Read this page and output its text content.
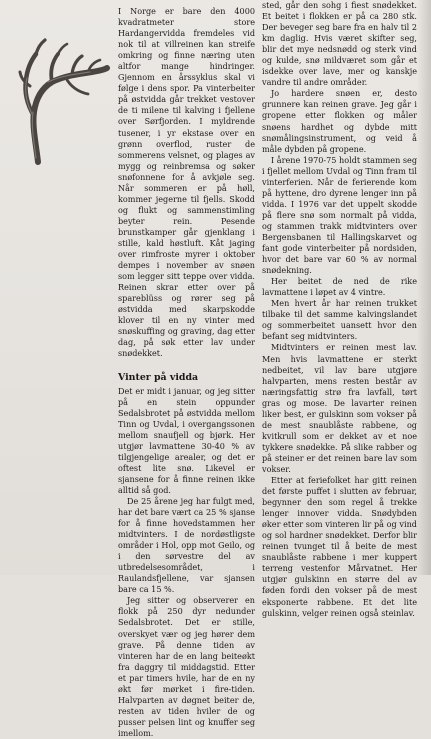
I Norge er bare den 4000 kvadratmeter store Hardangervidda fremdeles vid nok til at villreinen kan streife omkring og finne næring uten altfor mange hindringer. Gjennom en årssyklus skal vi følge i dens spor. Pa vinterbeiter på østvidda går trekket vestover de ti milene til kalving i fjellene over Sørfjorden. I myldrende tusener, i yr ekstase over en grønn overflod, ruster de sommerens velsnet, og plages av mygg og reinbremsa og søker snøfonnene for å avkjøle seg. Når sommeren er på høll, kommer jegerne til fjells. Skodd og flukt og sammenstimling beyter rein. Pesende brunstkamper går gjenklang i stille, kald høstluft. Kåt jaging over rimfroste myrer i oktober dempes i november av snøen som legger sitt teppe over vidda. Reinen skrar etter over på spareblüss og rører seg på østvidda med skarpskodde klover til en ny vinter med snøskuffing og graving, dag etter dag, på søk etter lav under snødekket.

Vinter på vidda

Det er midt i januar, og jeg sitter på en stein oppunder Sedalsbrotet på østvidda mellom Tinn og Uvdal, i overgangssonen mellom snaufjell og bjørk. Her utgjør lavmattene 30-40 % av tilgjengelige arealer, og det er oftest lite snø. Likevel er sjansene for å finne reinen ikke alltid så god.

De 25 årene jeg har fulgt med, har det bare vært ca 25 % sjanse for å finne hovedstammen her midtvinters. I de nordøstligste områder i Hol, opp mot Geilo, og i den sørvestre del av utbredelsesområdet, i Raulandsfjellene, var sjansen bare ca 15 %.

Jeg sitter og observerer en flokk på 250 dyr nedunder Sedalsbrotet. Det er stille, overskyet vær og jeg hører dem grave. På denne tiden av vinteren har de en lang beiteøkt fra daggry til middagstid. Etter et par timers hvile, har de en ny økt før mørket i fire-tiden. Halvparten av døgnet beiter de, resten av tiden hviler de og pusser pelsen lint og knuffer seg imellom.

sted, går den sohg i fiest snødekket. Et beitet i flokken er på ca 280 stk. Der beveger seg bare fra en halv til 2 km daglig. Hvis været skifter seg, blir det mye nedsnødd og sterk vind og kulde, snø mildværet som går et isdekke over lave, mer og kanskje vandre til andre områder.

Jo hardere snøen er, desto grunnere kan reinen grave. Jeg går i gropene etter flokken og måler snøens hardhet og dybde mitt snømålingsinstrument, og veid å måle dybden på gropene.

I årene 1970-75 holdt stammen seg i fjellet mellom Uvdal og Tinn fram til vinterferien. Når de ferierende kom på hyttene, dro dyrene lenger inn på vidda. I 1976 var det uppelt skodde på flere snø som normalt på vidda, og stammen trakk midtvinters over Bergensbanen til Hallingskarvet og fant gode vinterbeiter på nordsiden, hvor det bare var 60 % av normal snødekning.

Her beitet de ned de rike lavmattene i løpet av 4 vintre.

Men hvert år har reinen trukket tilbake til det samme kalvingslandet og sommerbeitet uansett hvor den befant seg midtvinters.

Midtvinters er reinen mest lav. Men hvis lavmattene er sterkt nedbeitet, vil lav bare utgjøre halvparten, mens resten består av næringsfattig strø fra lavfall, tørt gras og mose. De lavarter reinen liker best, er gulskinn som vokser på de mest snaublåste rabbene, og kvitkrull som er dekket av et noe tykkere snødekke. På slike rabber og på steiner er det reinen bare lav som vokser.

Etter at feriefolket har gitt reinen det første puffet i slutten av februar, begynner den som regel å trekke lenger innover vidda. Snødybden øker etter som vinteren lir på og vind og sol hardner snødekket. Derfor blir reinen tvunget til å beite de mest snaublåste rabbene i mer kuppert terreng vestenfor Mårvatnet. Her utgjør gulskinn en større del av føden fordi den vokser på de mest eksponerte rabbene. Et det lite gulskinn, velger reinen også steinlav.
